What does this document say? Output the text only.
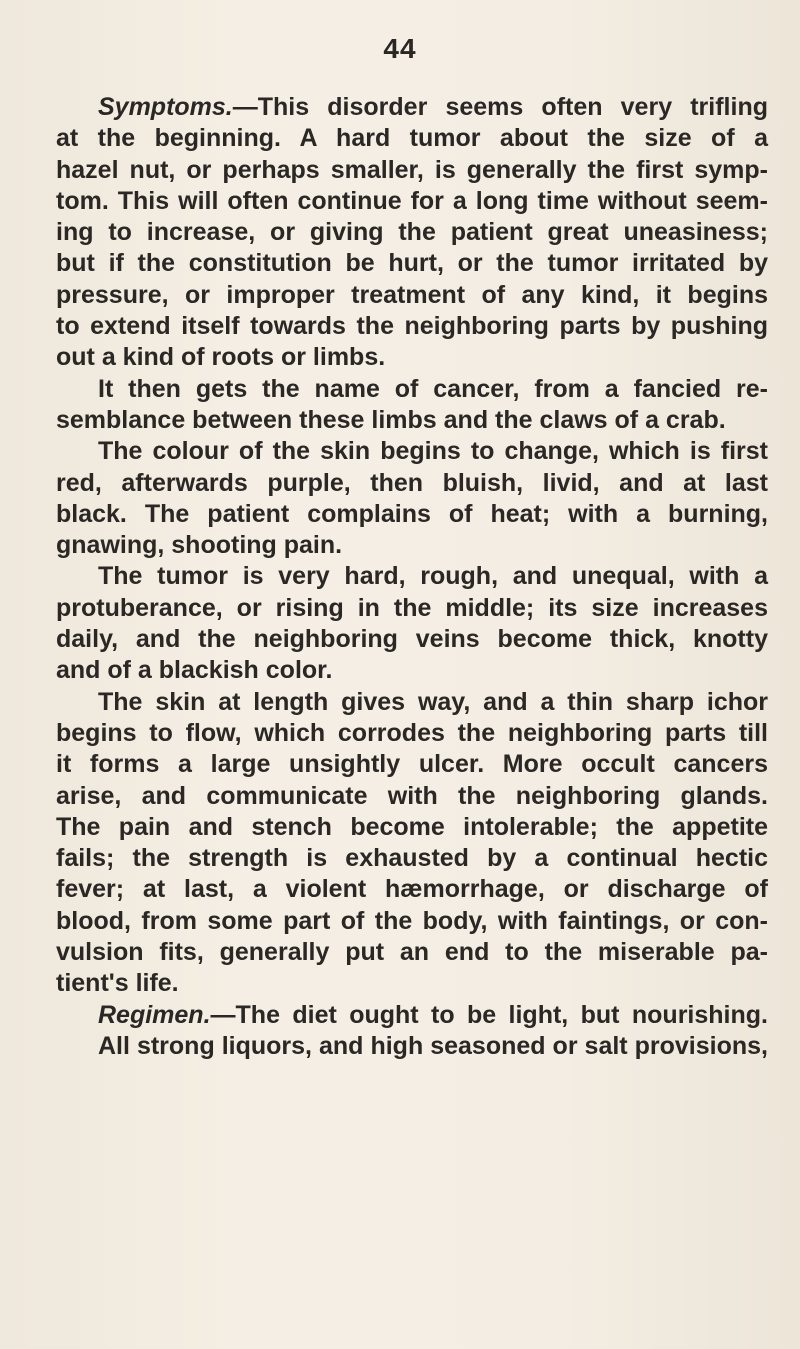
44
Symptoms.—This disorder seems often very trifling
at the beginning. A hard tumor about the size of a
hazel nut, or perhaps smaller, is generally the first symp-
tom. This will often continue for a long time without seem-
ing to increase, or giving the patient great uneasiness;
but if the constitution be hurt, or the tumor irritated by
pressure, or improper treatment of any kind, it begins
to extend itself towards the neighboring parts by pushing
out a kind of roots or limbs.
It then gets the name of cancer, from a fancied re-
semblance between these limbs and the claws of a crab.
The colour of the skin begins to change, which is first
red, afterwards purple, then bluish, livid, and at last
black. The patient complains of heat; with a burning,
gnawing, shooting pain.
The tumor is very hard, rough, and unequal, with a
protuberance, or rising in the middle; its size increases
daily, and the neighboring veins become thick, knotty
and of a blackish color.
The skin at length gives way, and a thin sharp ichor
begins to flow, which corrodes the neighboring parts till
it forms a large unsightly ulcer. More occult cancers
arise, and communicate with the neighboring glands.
The pain and stench become intolerable; the appetite
fails; the strength is exhausted by a continual hectic
fever; at last, a violent hæmorrhage, or discharge of
blood, from some part of the body, with faintings, or con-
vulsion fits, generally put an end to the miserable pa-
tient's life.
Regimen.—The diet ought to be light, but nourishing.
All strong liquors, and high seasoned or salt provisions,
